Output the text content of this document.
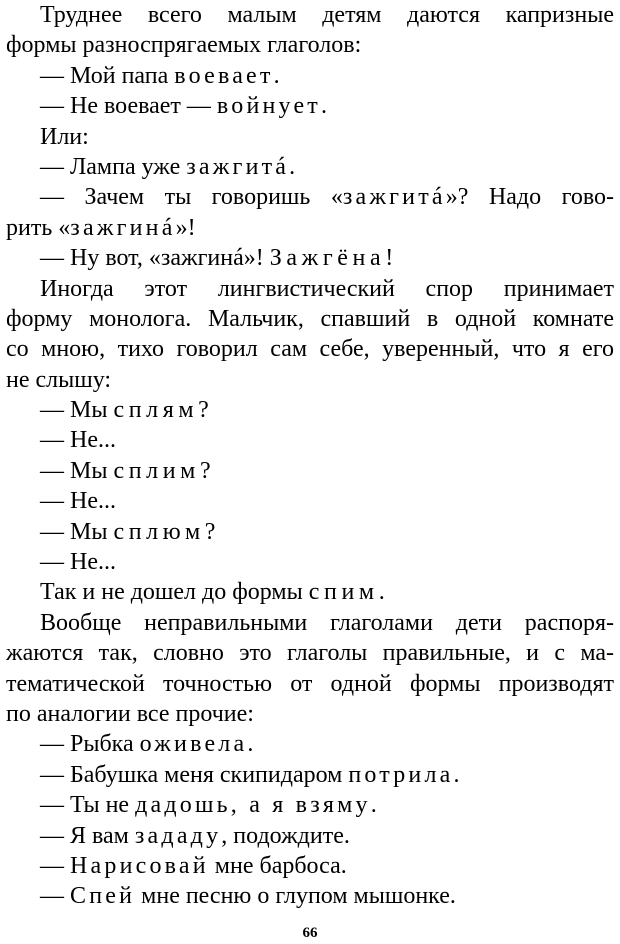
Труднее всего малым детям даются капризные
формы разноспрягаемых глаголов:
— Мой папа воевает.
— Не воевает — войнует.
Или:
— Лампа уже зажгитá.
— Зачем ты говоришь «зажгитá»? Надо гово-
рить «зажгинá»!
— Ну вот, «зажгинá»! Зажгёна!
Иногда этот лингвистический спор принимает
форму монолога. Мальчик, спавший в одной комнате
со мною, тихо говорил сам себе, уверенный, что я его
не слышу:
— Мы сплям?
— Не...
— Мы сплим?
— Не...
— Мы сплюм?
— Не...
Так и не дошел до формы спим.
Вообще неправильными глаголами дети распоря-
жаются так, словно это глаголы правильные, и с ма-
тематической точностью от одной формы производят
по аналогии все прочие:
— Рыбка оживела.
— Бабушка меня скипидаром потрила.
— Ты не дадошь, а я взяму.
— Я вам зададу, подождите.
— Нарисовай мне барбоса.
— Спей мне песню о глупом мышонке.
66
